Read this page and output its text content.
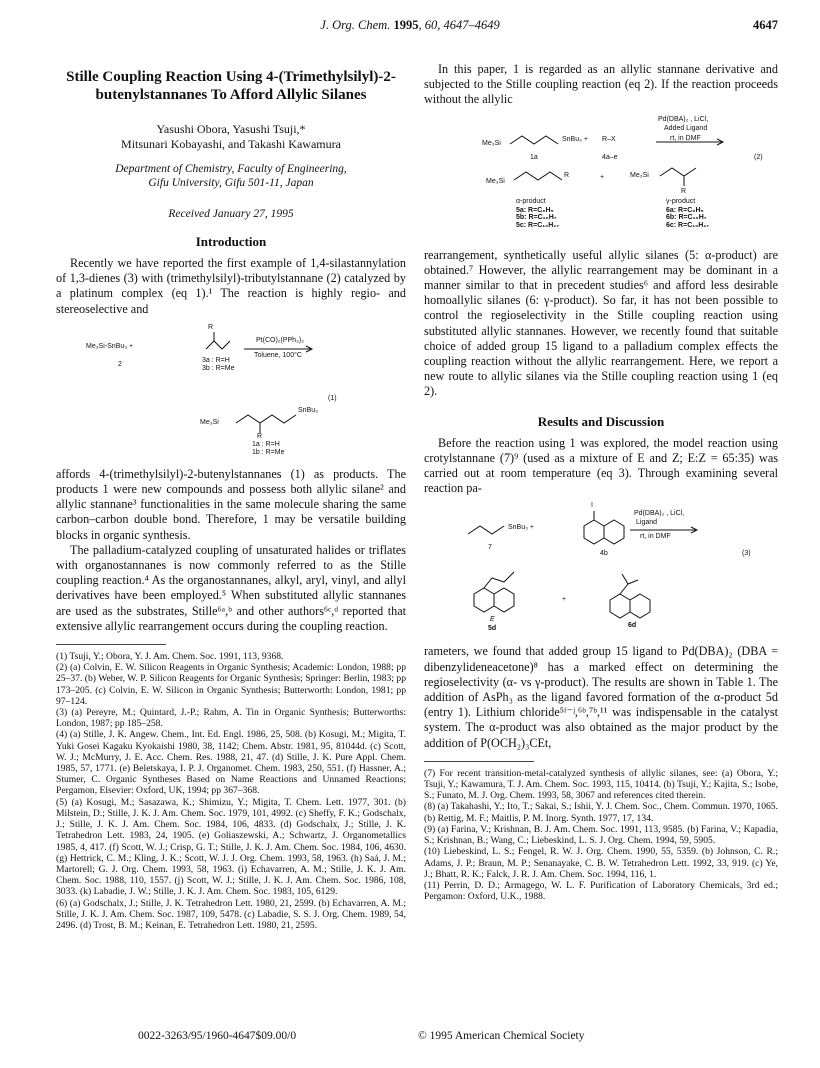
J. Org. Chem. 1995, 60, 4647–4649	4647
Stille Coupling Reaction Using 4-(Trimethylsilyl)-2-butenylstannanes To Afford Allylic Silanes
Yasushi Obora, Yasushi Tsuji,*
Mitsunari Kobayashi, and Takashi Kawamura
Department of Chemistry, Faculty of Engineering,
Gifu University, Gifu 501-11, Japan
Received January 27, 1995
Introduction

Recently we have reported the first example of 1,4-silastannylation of 1,3-dienes (3) with (trimethylsilyl)-tributylstannane (2) catalyzed by a platinum complex (eq 1).¹ The reaction is highly regio- and stereoselective and

R
Me₃Si-SnBu₃ +
2
3a : R=H
3b : R=Me
Pt(CO)₂(PPh₃)₂
Toluene, 100°C
(1)
Me₃Si
SnBu₃
R
1a : R=H
1b : R=Me

affords 4-(trimethylsilyl)-2-butenylstannanes (1) as products. The products 1 were new compounds and possess both allylic silane² and allylic stannane³ functionalities in the same molecule sharing the same carbon–carbon double bond. Therefore, 1 may be versatile building blocks in organic synthesis.

The palladium-catalyzed coupling of unsaturated halides or triflates with organostannanes is now commonly referred to as the Stille coupling reaction.⁴ As the organostannanes, alkyl, aryl, vinyl, and allyl derivatives have been employed.⁵ When substituted allylic stannanes are used as the substrates, Stille⁶ᵃ,ᵇ and other authors⁶ᶜ,ᵈ reported that extensive allylic rearrangement occurs during the coupling reaction.

(1) Tsuji, Y.; Obora, Y. J. Am. Chem. Soc. 1991, 113, 9368.

(2) (a) Colvin, E. W. Silicon Reagents in Organic Synthesis; Academic: London, 1988; pp 25–37. (b) Weber, W. P. Silicon Reagents for Organic Synthesis; Springer: Berlin, 1983; pp 173–205. (c) Colvin, E. W. Silicon in Organic Synthesis; Butterworth: London, 1981; pp 97–124.

(3) (a) Pereyre, M.; Quintard, J.-P.; Rahm, A. Tin in Organic Synthesis; Butterworths: London, 1987; pp 185–258.

(4) (a) Stille, J. K. Angew. Chem., Int. Ed. Engl. 1986, 25, 508. (b) Kosugi, M.; Migita, T. Yuki Gosei Kagaku Kyokaishi 1980, 38, 1142; Chem. Abstr. 1981, 95, 81044d. (c) Scott, W. J.; McMurry, J. E. Acc. Chem. Res. 1988, 21, 47. (d) Stille, J. K. Pure Appl. Chem. 1985, 57, 1771. (e) Beletskaya, I. P. J. Organomet. Chem. 1983, 250, 551. (f) Hassner, A.; Stumer, C. Organic Syntheses Based on Name Reactions and Unnamed Reactions; Pergamon, Elsevier: Oxford, UK, 1994; pp 367–368.

(5) (a) Kosugi, M.; Sasazawa, K.; Shimizu, Y.; Migita, T. Chem. Lett. 1977, 301. (b) Milstein, D.; Stille, J. K. J. Am. Chem. Soc. 1979, 101, 4992. (c) Sheffy, F. K.; Godschalx, J.; Stille, J. K. J. Am. Chem. Soc. 1984, 106, 4833. (d) Godschalx, J.; Stille, J. K. Tetrahedron Lett. 1983, 24, 1905. (e) Goliaszewski, A.; Schwartz, J. Organometallics 1985, 4, 417. (f) Scott, W. J.; Crisp, G. T.; Stille, J. K. J. Am. Chem. Soc. 1984, 106, 4630. (g) Hettrick, C. M.; Kling, J. K.; Scott, W. J. J. Org. Chem. 1993, 58, 1963. (h) Saá, J. M.; Martorell; G. J. Org. Chem. 1993, 58, 1963. (i) Echavarren, A. M.; Stille, J. K. J. Am. Chem. Soc. 1988, 110, 1557. (j) Scott, W. J.; Stille, J. K. J. Am. Chem. Soc. 1986, 108, 3033. (k) Labadie, J. W.; Stille, J. K. J. Am. Chem. Soc. 1983, 105, 6129.

(6) (a) Godschalx, J.; Stille, J. K. Tetrahedron Lett. 1980, 21, 2599. (b) Echavarren, A. M.; Stille, J. K. J. Am. Chem. Soc. 1987, 109, 5478. (c) Labadie, S. S. J. Org. Chem. 1989, 54, 2496. (d) Trost, B. M.; Keinan, E. Tetrahedron Lett. 1980, 21, 2595.

In this paper, 1 is regarded as an allylic stannane derivative and subjected to the Stille coupling reaction (eq 2). If the reaction proceeds without the allylic

Pd(DBA)₂ , LiCl,
Added Ligand
rt, in DMF
Me₃Si
SnBu₃ + R–X
1a	4a–e	(2)
Me₃Si
R	+	Me₃Si
R
α-product
5a: R=C₆H₅
5b: R=C₁₀H₇
5c: R=C₁₀H₁₇
γ-product
6a: R=C₆H₅
6b: R=C₁₀H₇
6c: R=C₁₀H₁₇

rearrangement, synthetically useful allylic silanes (5: α-product) are obtained.⁷ However, the allylic rearrangement may be dominant in a manner similar to that in precedent studies⁶ and afford less desirable homoallylic silanes (6: γ-product). So far, it has not been possible to control the regioselectivity in the Stille coupling reaction using substituted allylic stannanes. However, we recently found that suitable choice of added group 15 ligand to a palladium complex effects the coupling reaction without the allylic rearrangement. Here, we report a new route to allylic silanes via the Stille coupling reaction using 1 (eq 2).

Results and Discussion

Before the reaction using 1 was explored, the model reaction using crotylstannane (7)⁹ (used as a mixture of E and Z; E:Z = 65:35) was carried out at room temperature (eq 3). Through examining several reaction pa-

I
SnBu₃ +
7
Pd(DBA)₂ , LiCl,
Ligand
rt, in DMF
4b	(3)
+
E
5d	6d

rameters, we found that added group 15 ligand to Pd(DBA)₂ (DBA = dibenzylideneacetone)⁸ has a marked effect on determining the regioselectivity (α- vs γ-product). The results are shown in Table 1. The addition of AsPh₃ as the ligand favored formation of the α-product 5d (entry 1). Lithium chloride⁵ᶠ⁻ʲ,⁶ᵇ,⁷ᵇ,¹¹ was indispensable in the catalyst system. The α-product was also obtained as the major product by the addition of P(OCH₂)₃CEt,

(7) For recent transition-metal-catalyzed synthesis of allylic silanes, see: (a) Obora, Y.; Tsuji, Y.; Kawamura, T. J. Am. Chem. Soc. 1993, 115, 10414. (b) Tsuji, Y.; Kajita, S.; Isobe, S.; Funato, M. J. Org. Chem. 1993, 58, 3067 and references cited therein.

(8) (a) Takahashi, Y.; Ito, T.; Sakai, S.; Ishii, Y. J. Chem. Soc., Chem. Commun. 1970, 1065. (b) Rettig, M. F.; Maitlis, P. M. Inorg. Synth. 1977, 17, 134.

(9) (a) Farina, V.; Krishnan, B. J. Am. Chem. Soc. 1991, 113, 9585. (b) Farina, V.; Kapadia, S.; Krishnan, B.; Wang, C.; Liebeskind, L. S. J. Org. Chem. 1994, 59, 5905.

(10) Liebeskind, L. S.; Fengel, R. W. J. Org. Chem. 1990, 55, 5359. (b) Johnson, C. R.; Adams, J. P.; Braun, M. P.; Senanayake, C. B. W. Tetrahedron Lett. 1992, 33, 919. (c) Ye, J.; Bhatt, R. K.; Falck, J. R. J. Am. Chem. Soc. 1994, 116, 1.

(11) Perrin, D. D.; Armagego, W. L. F. Purification of Laboratory Chemicals, 3rd ed.; Pergamon: Oxford, U.K., 1988.

0022-3263/95/1960-4647$09.00/0	© 1995 American Chemical Society
